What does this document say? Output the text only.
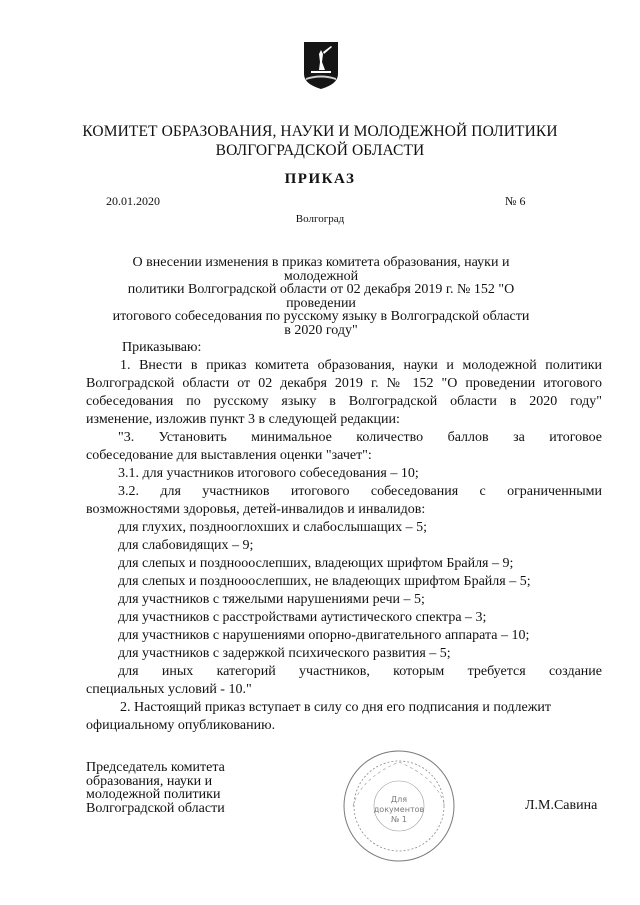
КОМИТЕТ ОБРАЗОВАНИЯ, НАУКИ И МОЛОДЕЖНОЙ ПОЛИТИКИ
ВОЛГОГРАДСКОЙ ОБЛАСТИ
ПРИКАЗ
20.01.2020	№ 6
Волгоград
О внесении изменения в приказ комитета образования, науки и молодежной
политики Волгоградской области от 02 декабря 2019 г. № 152 "О проведении
итогового собеседования по русскому языку в Волгоградской области
в 2020 году"
Приказываю:
1. Внести в приказ комитета образования, науки и молодежной политики
Волгоградской области от 02 декабря 2019 г. № 152 "О проведении итогового
собеседования по русскому языку в Волгоградской области в 2020 году"
изменение, изложив пункт 3 в следующей редакции:
"3. Установить минимальное количество баллов за итоговое
собеседование для выставления оценки "зачет":
3.1. для участников итогового собеседования – 10;
3.2. для участников итогового собеседования с ограниченными
возможностями здоровья, детей-инвалидов и инвалидов:
для глухих, позднооглохших и слабослышащих – 5;
для слабовидящих – 9;
для слепых и позднооослепших, владеющих шрифтом Брайля – 9;
для слепых и позднооослепших, не владеющих шрифтом Брайля – 5;
для участников с тяжелыми нарушениями речи – 5;
для участников с расстройствами аутистического спектра – 3;
для участников с нарушениями опорно-двигательного аппарата – 10;
для участников с задержкой психического развития – 5;
для иных категорий участников, которым требуется создание
специальных условий - 10."
2. Настоящий приказ вступает в силу со дня его подписания и подлежит
официальному опубликованию.
Председатель комитета
образования, науки и
молодежной политики
Волгоградской области
Для
документов
№ 1
Л.М.Савина
